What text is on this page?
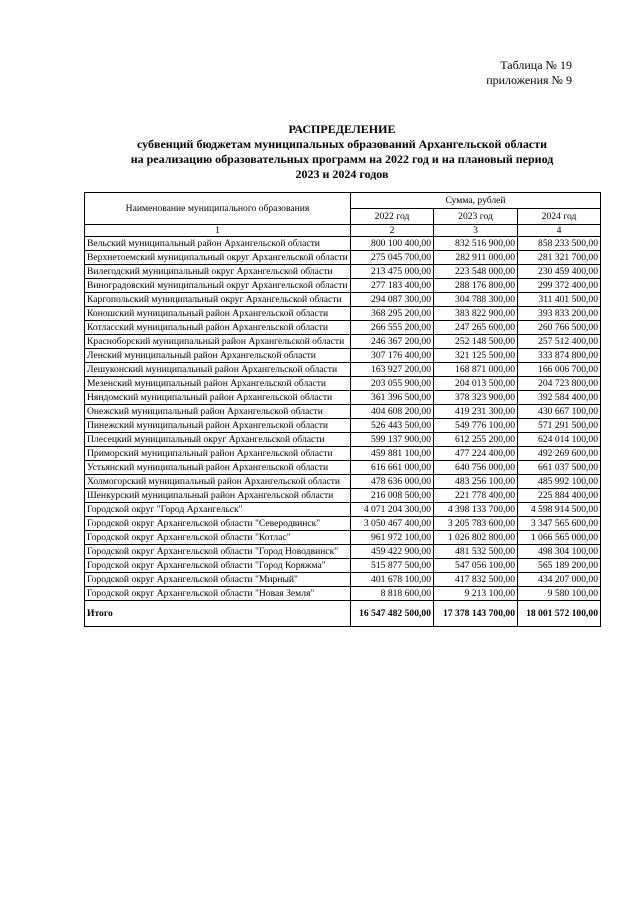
Таблица № 19
приложения № 9
РАСПРЕДЕЛЕНИЕ
субвенций бюджетам муниципальных образований Архангельской области
на реализацию образовательных программ на 2022 год и на плановый период
2023 и 2024 годов
Наименование муниципального образования	Сумма, рублей		
	2022 год	2023 год	2024 год
1	2	3	4
Вельский муниципальный район Архангельской области	800 100 400,00	832 516 900,00	858 233 500,00
Верхнетоемский муниципальный округ Архангельской области	275 045 700,00	282 911 000,00	281 321 700,00
Вилегодский муниципальный округ Архангельской области	213 475 000,00	223 548 000,00	230 459 400,00
Виноградовский муниципальный округ Архангельской области	277 183 400,00	288 176 800,00	299 372 400,00
Каргопольский муниципальный округ Архангельской области	294 087 300,00	304 788 300,00	311 401 500,00
Коношский муниципальный район Архангельской области	368 295 200,00	383 822 900,00	393 833 200,00
Котласский муниципальный район Архангельской области	266 555 200,00	247 265 600,00	260 766 500,00
Красноборский муниципальный район Архангельской области	246 367 200,00	252 148 500,00	257 512 400,00
Ленский муниципальный район Архангельской области	307 176 400,00	321 125 500,00	333 874 800,00
Лешуконский муниципальный район Архангельской области	163 927 200,00	168 871 000,00	166 006 700,00
Мезенский муниципальный район Архангельской области	203 055 900,00	204 013 500,00	204 723 800,00
Няндомский муниципальный район Архангельской области	361 396 500,00	378 323 900,00	392 584 400,00
Онежский муниципальный район Архангельской области	404 608 200,00	419 231 300,00	430 667 100,00
Пинежский муниципальный район Архангельской области	526 443 500,00	549 776 100,00	571 291 500,00
Плесецкий муниципальный округ Архангельской области	599 137 900,00	612 255 200,00	624 014 100,00
Приморский муниципальный район Архангельской области	459 881 100,00	477 224 400,00	492 269 600,00
Устьянский муниципальный район Архангельской области	616 661 000,00	640 756 000,00	661 037 500,00
Холмогорский муниципальный район Архангельской области	478 636 000,00	483 256 100,00	485 992 100,00
Шенкурский муниципальный район Архангельской области	216 008 500,00	221 778 400,00	225 884 400,00
Городской округ "Город Архангельск"	4 071 204 300,00	4 398 133 700,00	4 598 914 500,00
Городской округ Архангельской области "Северодвинск"	3 050 467 400,00	3 205 783 600,00	3 347 565 600,00
Городской округ Архангельской области "Котлас"	961 972 100,00	1 026 802 800,00	1 066 565 000,00
Городской округ Архангельской области "Город Новодвинск"	459 422 900,00	481 532 500,00	498 304 100,00
Городской округ Архангельской области "Город Коряжма"	515 877 500,00	547 056 100,00	565 189 200,00
Городской округ Архангельской области "Мирный"	401 678 100,00	417 832 500,00	434 207 000,00
Городской округ Архангельской области "Новая Земля"	8 818 600,00	9 213 100,00	9 580 100,00
Итого	16 547 482 500,00	17 378 143 700,00	18 001 572 100,00
